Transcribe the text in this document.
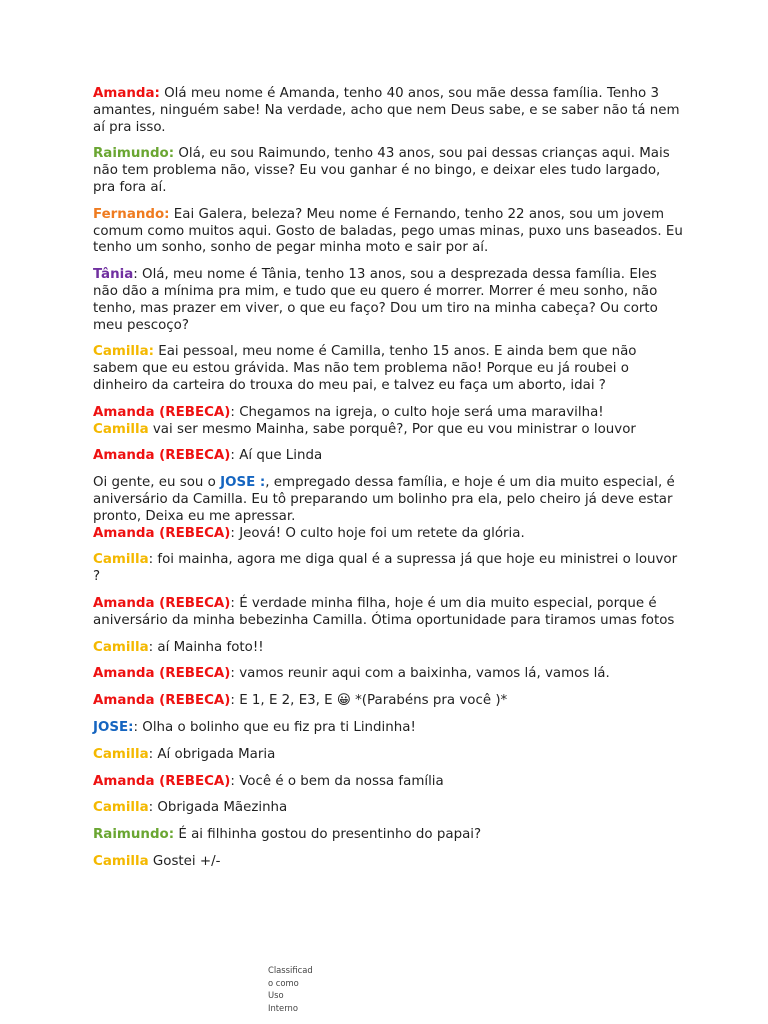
Amanda: Olá meu nome é Amanda, tenho 40 anos, sou mãe dessa família. Tenho 3 amantes, ninguém sabe! Na verdade, acho que nem Deus sabe, e se saber não tá nem aí pra isso.
Raimundo: Olá, eu sou Raimundo, tenho 43 anos, sou pai dessas crianças aqui. Mais não tem problema não, visse? Eu vou ganhar é no bingo, e deixar eles tudo largado, pra fora aí.
Fernando: Eai Galera, beleza? Meu nome é Fernando, tenho 22 anos, sou um jovem comum como muitos aqui. Gosto de baladas, pego umas minas, puxo uns baseados. Eu tenho um sonho, sonho de pegar minha moto e sair por aí.
Tânia: Olá, meu nome é Tânia, tenho 13 anos, sou a desprezada dessa família. Eles não dão a mínima pra mim, e tudo que eu quero é morrer. Morrer é meu sonho, não tenho, mas prazer em viver, o que eu faço? Dou um tiro na minha cabeça? Ou corto meu pescoço?
Camilla: Eai pessoal, meu nome é Camilla, tenho 15 anos. E ainda bem que não sabem que eu estou grávida. Mas não tem problema não! Porque eu já roubei o dinheiro da carteira do trouxa do meu pai, e talvez eu faça um aborto, idai ?
Amanda (REBECA): Chegamos na igreja, o culto hoje será uma maravilha!
Camilla vai ser mesmo Mainha, sabe porquê?, Por que eu vou ministrar o louvor
Amanda (REBECA): Aí que Linda
Oi gente, eu sou o JOSE :, empregado dessa família, e hoje é um dia muito especial, é aniversário da Camilla. Eu tô preparando um bolinho pra ela, pelo cheiro já deve estar pronto, Deixa eu me apressar.
Amanda (REBECA): Jeová! O culto hoje foi um retete da glória.
Camilla: foi mainha, agora me diga qual é a supressa já que hoje eu ministrei o louvor ?
Amanda (REBECA): É verdade minha filha, hoje é um dia muito especial, porque é aniversário da minha bebezinha Camilla. Ótima oportunidade para tiramos umas fotos
Camilla: aí Mainha foto!!
Amanda (REBECA): vamos reunir aqui com a baixinha, vamos lá, vamos lá.
Amanda (REBECA): E 1, E 2, E3, E 😀 *(Parabéns pra você )*
JOSE:: Olha o bolinho que eu fiz pra ti Lindinha!
Camilla: Aí obrigada Maria
Amanda (REBECA): Você é o bem da nossa família
Camilla: Obrigada Mãezinha
Raimundo: É ai filhinha gostou do presentinho do papai?
Camilla Gostei +/-
Classificad
o como
Uso
Interno
